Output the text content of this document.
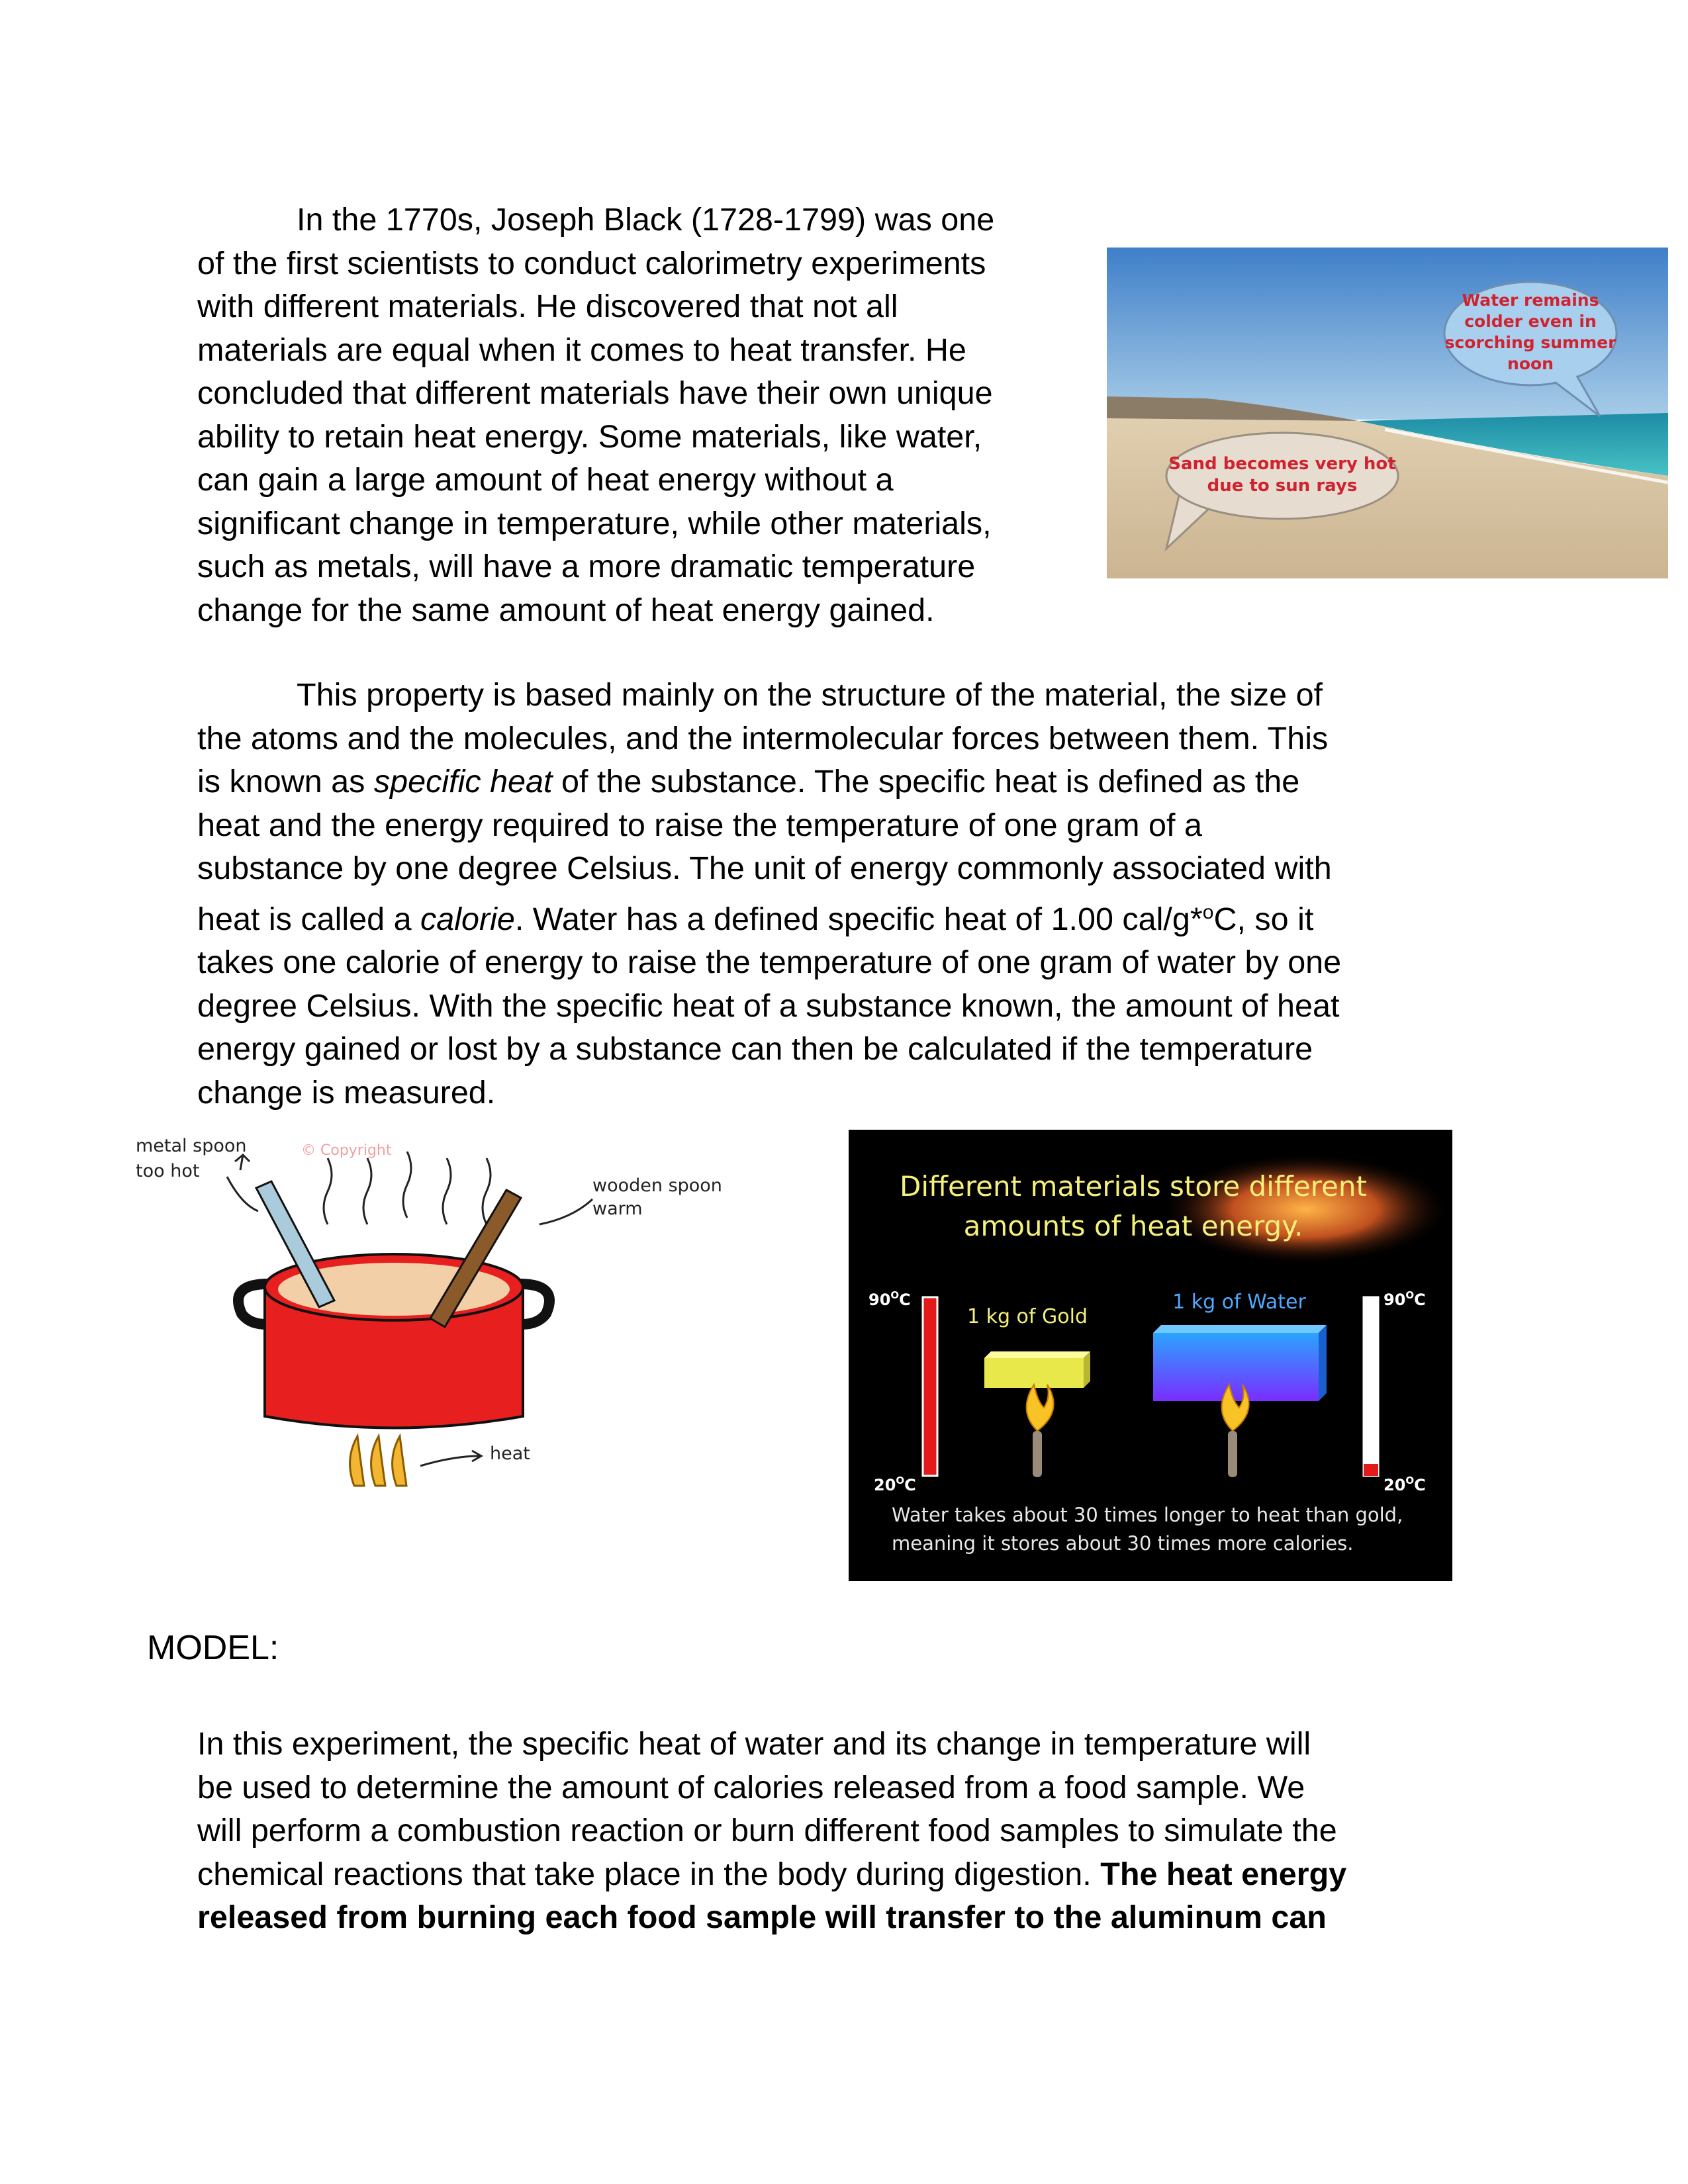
In the 1770s, Joseph Black (1728-1799) was one
of the first scientists to conduct calorimetry experiments
with different materials. He discovered that not all
materials are equal when it comes to heat transfer. He
concluded that different materials have their own unique
ability to retain heat energy. Some materials, like water,
can gain a large amount of heat energy without a
significant change in temperature, while other materials,
such as metals, will have a more dramatic temperature
change for the same amount of heat energy gained.
Water remains
colder even in
scorching summer
noon
Sand becomes very hot
due to sun rays
This property is based mainly on the structure of the material, the size of
the atoms and the molecules, and the intermolecular forces between them. This
is known as specific heat of the substance. The specific heat is defined as the
heat and the energy required to raise the temperature of one gram of a
substance by one degree Celsius. The unit of energy commonly associated with
heat is called a calorie. Water has a defined specific heat of 1.00 cal/g*$^o$C, so it
takes one calorie of energy to raise the temperature of one gram of water by one
degree Celsius. With the specific heat of a substance known, the amount of heat
energy gained or lost by a substance can then be calculated if the temperature
change is measured.
metal spoon
too hot
wooden spoon
warm
© Copyright
heat
Different materials store different
amounts of heat energy.
$90^OC$
$20^OC$
$90^OC$
$20^OC$
1 kg of Gold
1 kg of Water
Water takes about 30 times longer to heat than gold,
meaning it stores about 30 times more calories.
MODEL:
In this experiment, the specific heat of water and its change in temperature will
be used to determine the amount of calories released from a food sample. We
will perform a combustion reaction or burn different food samples to simulate the
chemical reactions that take place in the body during digestion. The heat energy
released from burning each food sample will transfer to the aluminum can
